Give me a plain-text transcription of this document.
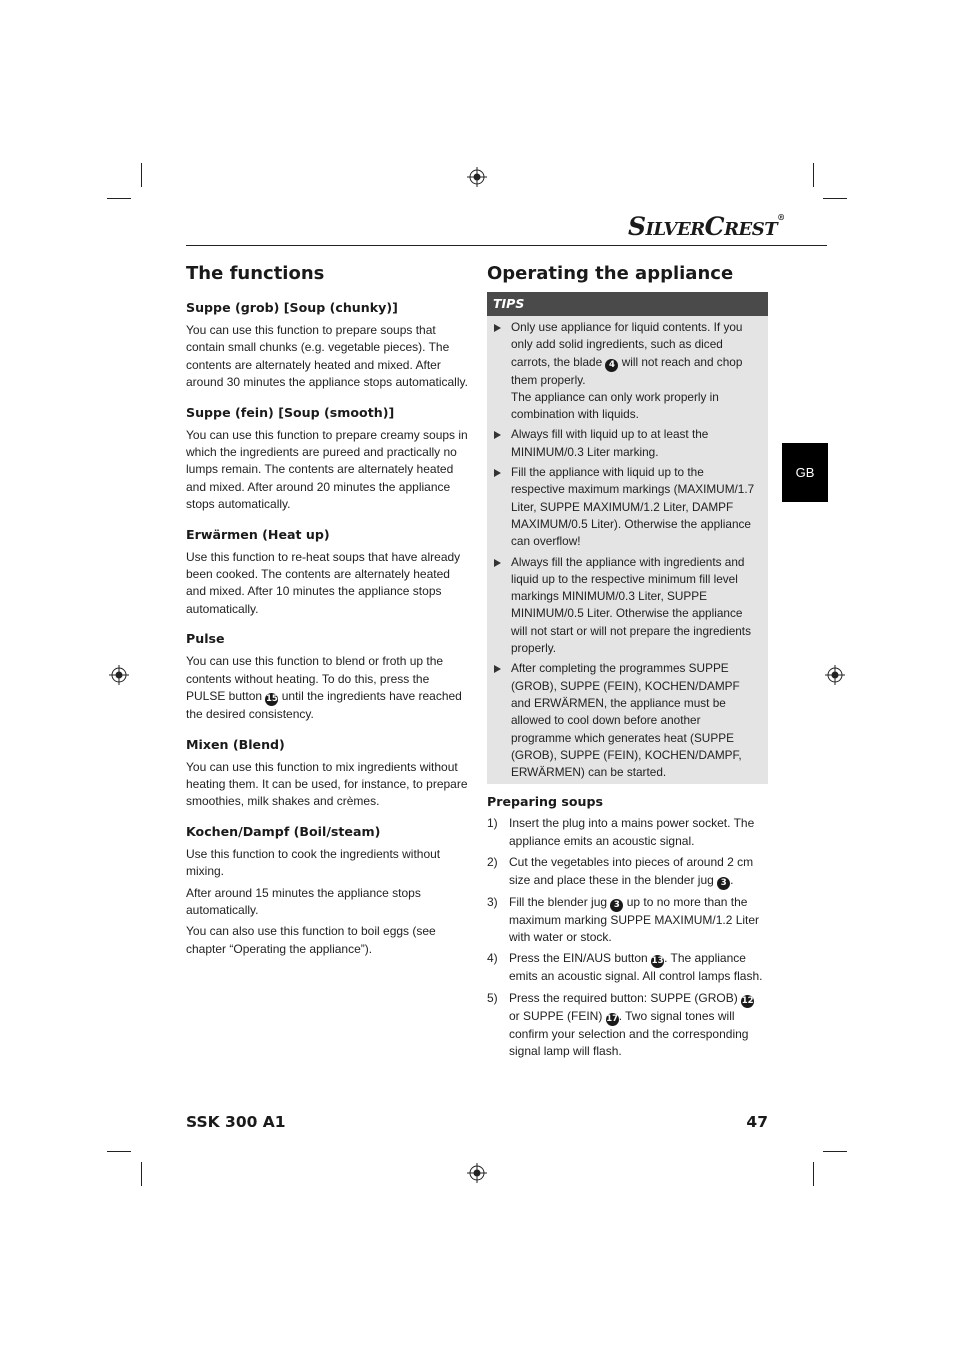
SILVERCREST®
GB
The functions
Suppe (grob) [Soup (chunky)]

You can use this function to prepare soups that contain small chunks (e.g. vegetable pieces). The contents are alternately heated and mixed. After around 30 minutes the appliance stops automatically.

Suppe (fein) [Soup (smooth)]

You can use this function to prepare creamy soups in which the ingredients are pureed and practically no lumps remain. The contents are alternately heated and mixed. After around 20 minutes the appliance stops automatically.

Erwärmen (Heat up)

Use this function to re-heat soups that have already been cooked. The contents are alternately heated and mixed. After 10 minutes the appliance stops automatically.

Pulse

You can use this function to blend or froth up the contents without heating. To do this, press the PULSE button 15 until the ingredients have reached the desired consistency.

Mixen (Blend)

You can use this function to mix ingredients without heating them. It can be used, for instance, to prepare smoothies, milk shakes and crèmes.

Kochen/Dampf (Boil/steam)

Use this function to cook the ingredients without mixing.

After around 15 minutes the appliance stops automatically.

You can also use this function to boil eggs (see chapter “Operating the appliance”).

Operating the appliance
TIPS

Only use appliance for liquid contents. If you only add solid ingredients, such as diced carrots, the blade 4 will not reach and chop them properly.

The appliance can only work properly in combination with liquids.

Always fill with liquid up to at least the MINIMUM/0.3 Liter marking.

Fill the appliance with liquid up to the respective maximum markings (MAXIMUM/1.7 Liter, SUPPE MAXIMUM/1.2 Liter, DAMPF MAXIMUM/0.5 Liter). Otherwise the appliance can overflow!

Always fill the appliance with ingredients and liquid up to the respective minimum fill level markings MINIMUM/0.3 Liter, SUPPE MINIMUM/0.5 Liter. Otherwise the appliance will not start or will not prepare the ingredients properly.

After completing the programmes SUPPE (GROB), SUPPE (FEIN), KOCHEN/DAMPF and ERWÄRMEN, the appliance must be allowed to cool down before another programme which generates heat (SUPPE (GROB), SUPPE (FEIN), KOCHEN/DAMPF, ERWÄRMEN) can be started.

Preparing soups
1) Insert the plug into a mains power socket. The appliance emits an acoustic signal.

2) Cut the vegetables into pieces of around 2 cm size and place these in the blender jug 3 .

3) Fill the blender jug 3 up to no more than the maximum marking SUPPE MAXIMUM/1.2 Liter with water or stock.

4) Press the EIN/AUS button 13. The appliance emits an acoustic signal. All control lamps flash.

5) Press the required button: SUPPE (GROB) 12 or SUPPE (FEIN) 17. Two signal tones will confirm your selection and the corresponding signal lamp will flash.

SSK 300 A1	47
